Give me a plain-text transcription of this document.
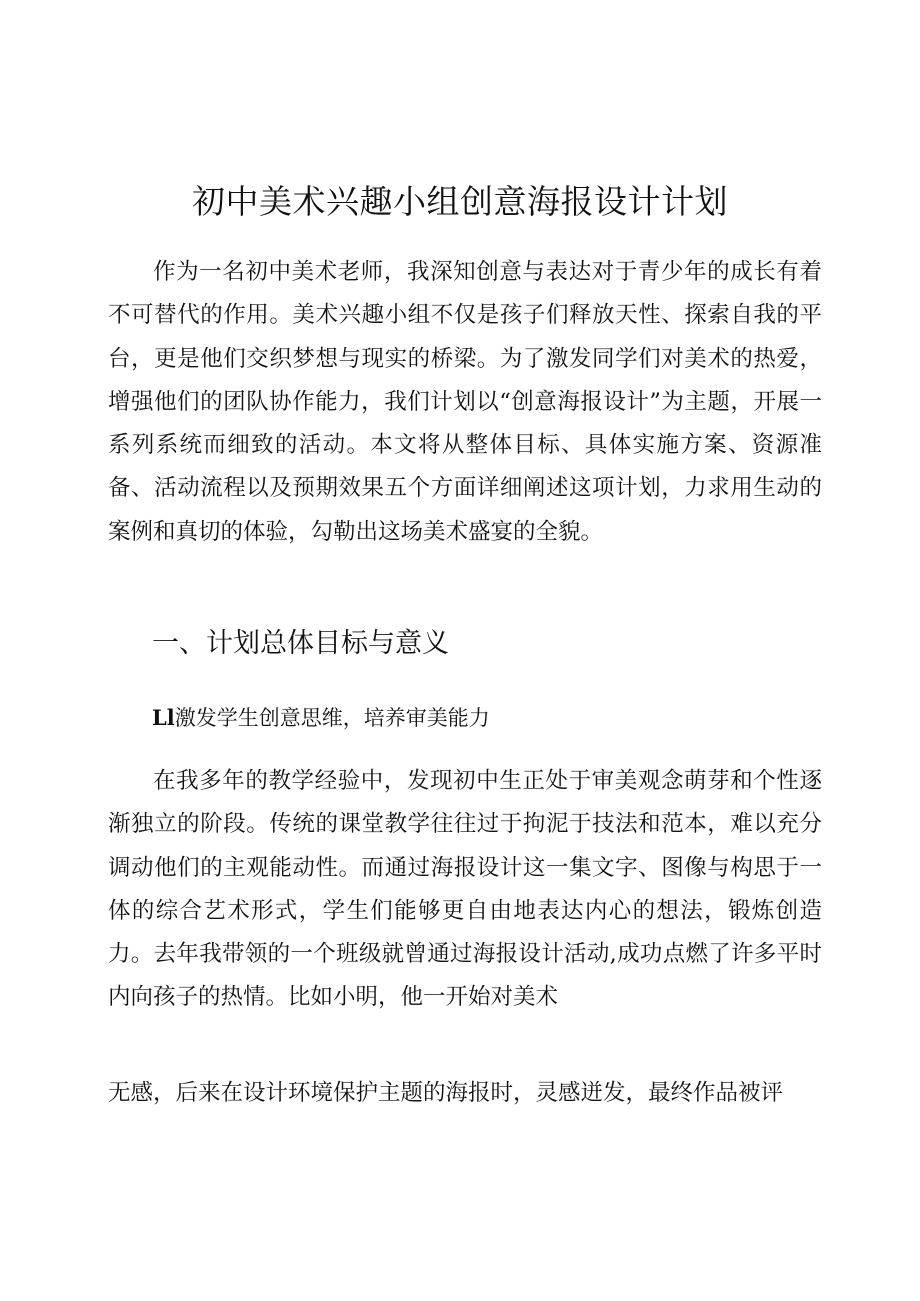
初中美术兴趣小组创意海报设计计划

作为一名初中美术老师，我深知创意与表达对于青少年的成长有着不可替代的作用。美术兴趣小组不仅是孩子们释放天性、探索自我的平台，更是他们交织梦想与现实的桥梁。为了激发同学们对美术的热爱，增强他们的团队协作能力，我们计划以“创意海报设计”为主题，开展一系列系统而细致的活动。本文将从整体目标、具体实施方案、资源准备、活动流程以及预期效果五个方面详细阐述这项计划，力求用生动的案例和真切的体验，勾勒出这场美术盛宴的全貌。

一、计划总体目标与意义
Ll激发学生创意思维，培养审美能力

在我多年的教学经验中，发现初中生正处于审美观念萌芽和个性逐渐独立的阶段。传统的课堂教学往往过于拘泥于技法和范本，难以充分调动他们的主观能动性。而通过海报设计这一集文字、图像与构思于一体的综合艺术形式，学生们能够更自由地表达内心的想法，锻炼创造力。去年我带领的一个班级就曾通过海报设计活动,成功点燃了许多平时内向孩子的热情。比如小明，他一开始对美术

无感，后来在设计环境保护主题的海报时，灵感迸发，最终作品被评
